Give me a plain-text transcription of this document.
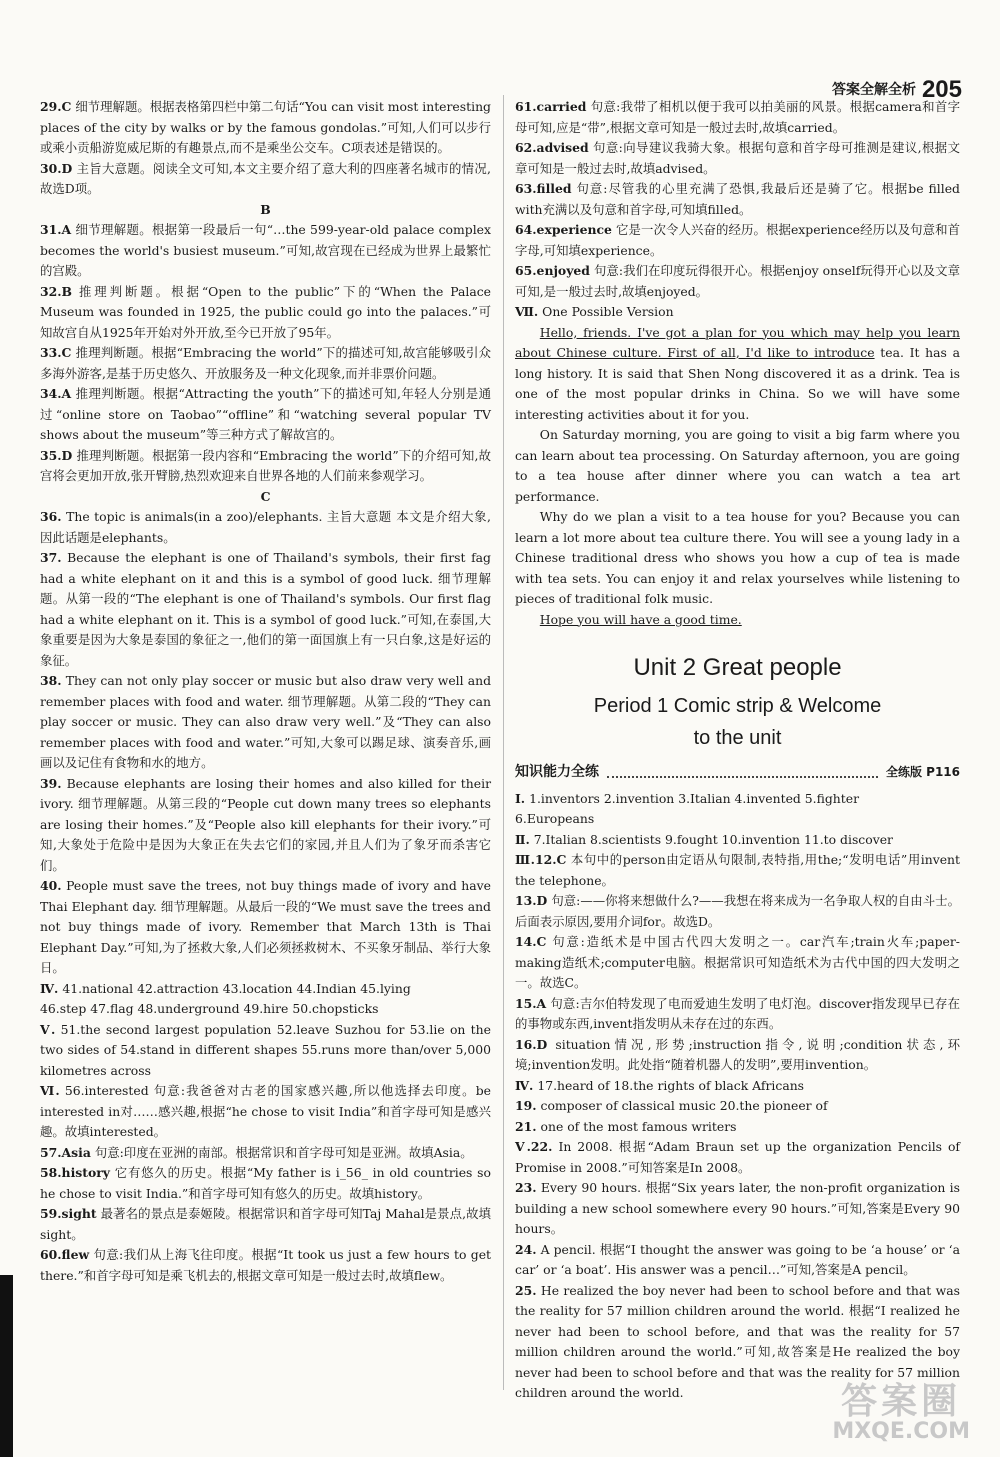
答案全解全析 205

29.C 细节理解题。根据表格第四栏中第二句话“You can visit most interesting places of the city by walks or by the famous gondolas.”可知,人们可以步行或乘小贡船游览威尼斯的有趣景点,而不是乘坐公交车。C项表述是错误的。

30.D 主旨大意题。阅读全文可知,本文主要介绍了意大利的四座著名城市的情况,故选D项。

B

31.A 细节理解题。根据第一段最后一句“…the 599-year-old palace complex becomes the world's busiest museum.”可知,故宫现在已经成为世界上最繁忙的宫殿。

32.B 推理判断题。根据“Open to the public”下的“When the Palace Museum was founded in 1925, the public could go into the palaces.”可知故宫自从1925年开始对外开放,至今已开放了95年。

33.C 推理判断题。根据“Embracing the world”下的描述可知,故宫能够吸引众多海外游客,是基于历史悠久、开放服务及一种文化现象,而并非票价问题。

34.A 推理判断题。根据“Attracting the youth”下的描述可知,年轻人分别是通过“online store on Taobao”“offline”和“watching several popular TV shows about the museum”等三种方式了解故宫的。

35.D 推理判断题。根据第一段内容和“Embracing the world”下的介绍可知,故宫将会更加开放,张开臂膀,热烈欢迎来自世界各地的人们前来参观学习。

C

36. The topic is animals(in a zoo)/elephants. 主旨大意题 本文是介绍大象,因此话题是elephants。

37. Because the elephant is one of Thailand's symbols, their first fag had a white elephant on it and this is a symbol of good luck. 细节理解题。从第一段的“The elephant is one of Thailand's symbols. Our first flag had a white elephant on it. This is a symbol of good luck.”可知,在泰国,大象重要是因为大象是泰国的象征之一,他们的第一面国旗上有一只白象,这是好运的象征。

38. They can not only play soccer or music but also draw very well and remember places with food and water. 细节理解题。从第二段的“They can play soccer or music. They can also draw very well.”及“They can also remember places with food and water.”可知,大象可以踢足球、演奏音乐,画画以及记住有食物和水的地方。

39. Because elephants are losing their homes and also killed for their ivory. 细节理解题。从第三段的“People cut down many trees so elephants are losing their homes.”及“People also kill elephants for their ivory.”可知,大象处于危险中是因为大象正在失去它们的家园,并且人们为了象牙而杀害它们。

40. People must save the trees, not buy things made of ivory and have Thai Elephant day. 细节理解题。从最后一段的“We must save the trees and not buy things made of ivory. Remember that March 13th is Thai Elephant Day.”可知,为了拯救大象,人们必须拯救树木、不买象牙制品、举行大象日。

Ⅳ. 41.national 42.attraction 43.location 44.Indian 45.lying

46.step 47.flag 48.underground 49.hire 50.chopsticks

Ⅴ. 51.the second largest population 52.leave Suzhou for 53.lie on the two sides of 54.stand in different shapes 55.runs more than/over 5,000 kilometres across

Ⅵ. 56.interested 句意:我爸爸对古老的国家感兴趣,所以他选择去印度。be interested in对……感兴趣,根据“he chose to visit India”和首字母可知是感兴趣。故填interested。

57.Asia 句意:印度在亚洲的南部。根据常识和首字母可知是亚洲。故填Asia。

58.history 它有悠久的历史。根据“My father is i_56_ in old countries so he chose to visit India.”和首字母可知有悠久的历史。故填history。

59.sight 最著名的景点是泰姬陵。根据常识和首字母可知Taj Mahal是景点,故填sight。

60.flew 句意:我们从上海飞往印度。根据“It took us just a few hours to get there.”和首字母可知是乘飞机去的,根据文章可知是一般过去时,故填flew。

61.carried 句意:我带了相机以便于我可以拍美丽的风景。根据camera和首字母可知,应是“带”,根据文章可知是一般过去时,故填carried。

62.advised 句意:向导建议我骑大象。根据句意和首字母可推测是建议,根据文章可知是一般过去时,故填advised。

63.filled 句意:尽管我的心里充满了恐惧,我最后还是骑了它。根据be filled with充满以及句意和首字母,可知填filled。

64.experience 它是一次令人兴奋的经历。根据experience经历以及句意和首字母,可知填experience。

65.enjoyed 句意:我们在印度玩得很开心。根据enjoy onself玩得开心以及文章可知,是一般过去时,故填enjoyed。

Ⅶ. One Possible Version

Hello, friends. I've got a plan for you which may help you learn about Chinese culture. First of all, I'd like to introduce tea. It has a long history. It is said that Shen Nong discovered it as a drink. Tea is one of the most popular drinks in China. So we will have some interesting activities about it for you.

On Saturday morning, you are going to visit a big farm where you can learn about tea processing. On Saturday afternoon, you are going to a tea house after dinner where you can watch a tea art performance.

Why do we plan a visit to a tea house for you? Because you can learn a lot more about tea culture there. You will see a young lady in a Chinese traditional dress who shows you how a cup of tea is made with tea sets. You can enjoy it and relax yourselves while listening to pieces of traditional folk music.

Hope you will have a good time.

Unit 2 Great people

Period 1 Comic strip & Welcome

to the unit

知识能力全练	全练版 P116

Ⅰ. 1.inventors 2.invention 3.Italian 4.invented 5.fighter

6.Europeans

Ⅱ. 7.Italian 8.scientists 9.fought 10.invention 11.to discover

Ⅲ.12.C 本句中的person由定语从句限制,表特指,用the;“发明电话”用invent the telephone。

13.D 句意:——你将来想做什么?——我想在将来成为一名争取人权的自由斗士。后面表示原因,要用介词for。故选D。

14.C 句意:造纸术是中国古代四大发明之一。car汽车;train火车;paper-making造纸术;computer电脑。根据常识可知造纸术为古代中国的四大发明之一。故选C。

15.A 句意:吉尔伯特发现了电而爱迪生发明了电灯泡。discover指发现早已存在的事物或东西,invent指发明从未存在过的东西。

16.D situation情况,形势;instruction指令,说明;condition状态,环境;invention发明。此处指“随着机器人的发明”,要用invention。

Ⅳ. 17.heard of 18.the rights of black Africans

19. composer of classical music 20.the pioneer of

21. one of the most famous writers

Ⅴ.22. In 2008. 根据“Adam Braun set up the organization Pencils of Promise in 2008.”可知答案是In 2008。

23. Every 90 hours. 根据“Six years later, the non-profit organization is building a new school somewhere every 90 hours.”可知,答案是Every 90 hours。

24. A pencil. 根据“I thought the answer was going to be ‘a house’ or ‘a car’ or ‘a boat’. His answer was a pencil…”可知,答案是A pencil。

25. He realized the boy never had been to school before and that was the reality for 57 million children around the world. 根据“I realized he never had been to school before, and that was the reality for 57 million children around the world.”可知,故答案是He realized the boy never had been to school before and that was the reality for 57 million children around the world.	答案圈
MXQE.COM
